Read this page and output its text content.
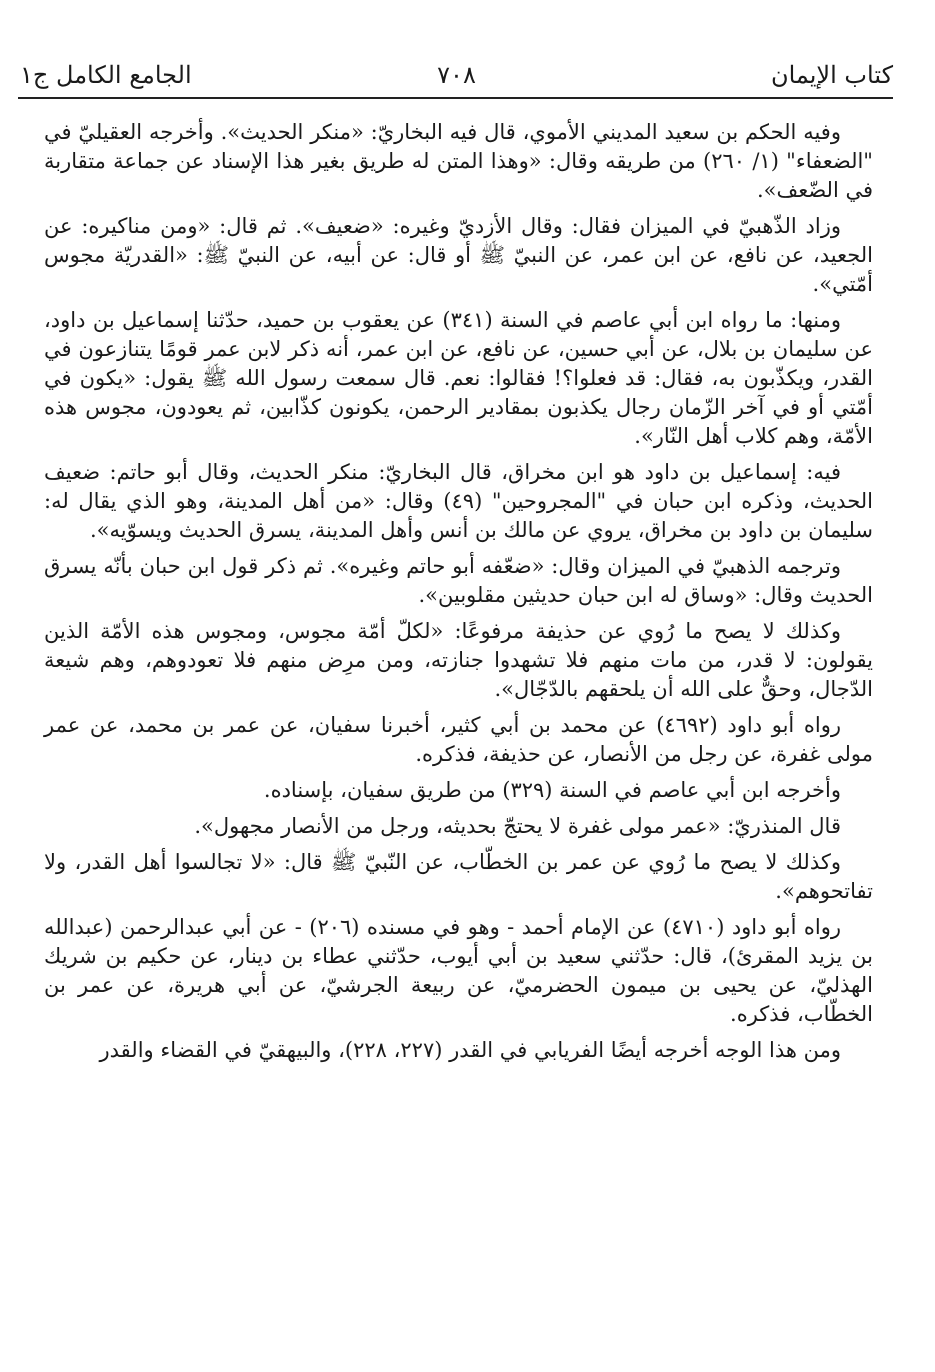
كتاب الإيمان
٧٠٨
الجامع الكامل ج١

وفيه الحكم بن سعيد المديني الأموي، قال فيه البخاريّ: «منكر الحديث». وأخرجه العقيليّ في "الضعفاء" (١/ ٢٦٠) من طريقه وقال: «وهذا المتن له طريق بغير هذا الإسناد عن جماعة متقاربة في الضّعف».

وزاد الذّهبيّ في الميزان فقال: وقال الأزديّ وغيره: «ضعيف». ثم قال: «ومن مناكيره: عن الجعيد، عن نافع، عن ابن عمر، عن النبيّ ﷺ أو قال: عن أبيه، عن النبيّ ﷺ: «القدريّة مجوس أمّتي».

ومنها: ما رواه ابن أبي عاصم في السنة (٣٤١) عن يعقوب بن حميد، حدّثنا إسماعيل بن داود، عن سليمان بن بلال، عن أبي حسين، عن نافع، عن ابن عمر، أنه ذكر لابن عمر قومًا يتنازعون في القدر، ويكذّبون به، فقال: قد فعلوا؟! فقالوا: نعم. قال سمعت رسول الله ﷺ يقول: «يكون في أمّتي أو في آخر الزّمان رجال يكذبون بمقادير الرحمن، يكونون كذّابين، ثم يعودون، مجوس هذه الأمّة، وهم كلاب أهل النّار».

فيه: إسماعيل بن داود هو ابن مخراق، قال البخاريّ: منكر الحديث، وقال أبو حاتم: ضعيف الحديث، وذكره ابن حبان في "المجروحين" (٤٩) وقال: «من أهل المدينة، وهو الذي يقال له: سليمان بن داود بن مخراق، يروي عن مالك بن أنس وأهل المدينة، يسرق الحديث ويسوّيه».

وترجمه الذهبيّ في الميزان وقال: «ضعّفه أبو حاتم وغيره». ثم ذكر قول ابن حبان بأنّه يسرق الحديث وقال: «وساق له ابن حبان حديثين مقلوبين».

وكذلك لا يصح ما رُوي عن حذيفة مرفوعًا: «لكلّ أمّة مجوس، ومجوس هذه الأمّة الذين يقولون: لا قدر، من مات منهم فلا تشهدوا جنازته، ومن مرِض منهم فلا تعودوهم، وهم شيعة الدّجال، وحقٌّ على الله أن يلحقهم بالدّجّال».

رواه أبو داود (٤٦٩٢) عن محمد بن أبي كثير، أخبرنا سفيان، عن عمر بن محمد، عن عمر مولى غفرة، عن رجل من الأنصار، عن حذيفة، فذكره.

وأخرجه ابن أبي عاصم في السنة (٣٢٩) من طريق سفيان، بإسناده.

قال المنذريّ: «عمر مولى غفرة لا يحتجّ بحديثه، ورجل من الأنصار مجهول».

وكذلك لا يصح ما رُوي عن عمر بن الخطّاب، عن النّبيّ ﷺ قال: «لا تجالسوا أهل القدر، ولا تفاتحوهم».

رواه أبو داود (٤٧١٠) عن الإمام أحمد - وهو في مسنده (٢٠٦) - عن أبي عبدالرحمن (عبدالله بن يزيد المقرئ)، قال: حدّثني سعيد بن أبي أيوب، حدّثني عطاء بن دينار، عن حكيم بن شريك الهذليّ، عن يحيى بن ميمون الحضرميّ، عن ربيعة الجرشيّ، عن أبي هريرة، عن عمر بن الخطّاب، فذكره.

ومن هذا الوجه أخرجه أيضًا الفريابي في القدر (٢٢٧، ٢٢٨)، والبيهقيّ في القضاء والقدر
